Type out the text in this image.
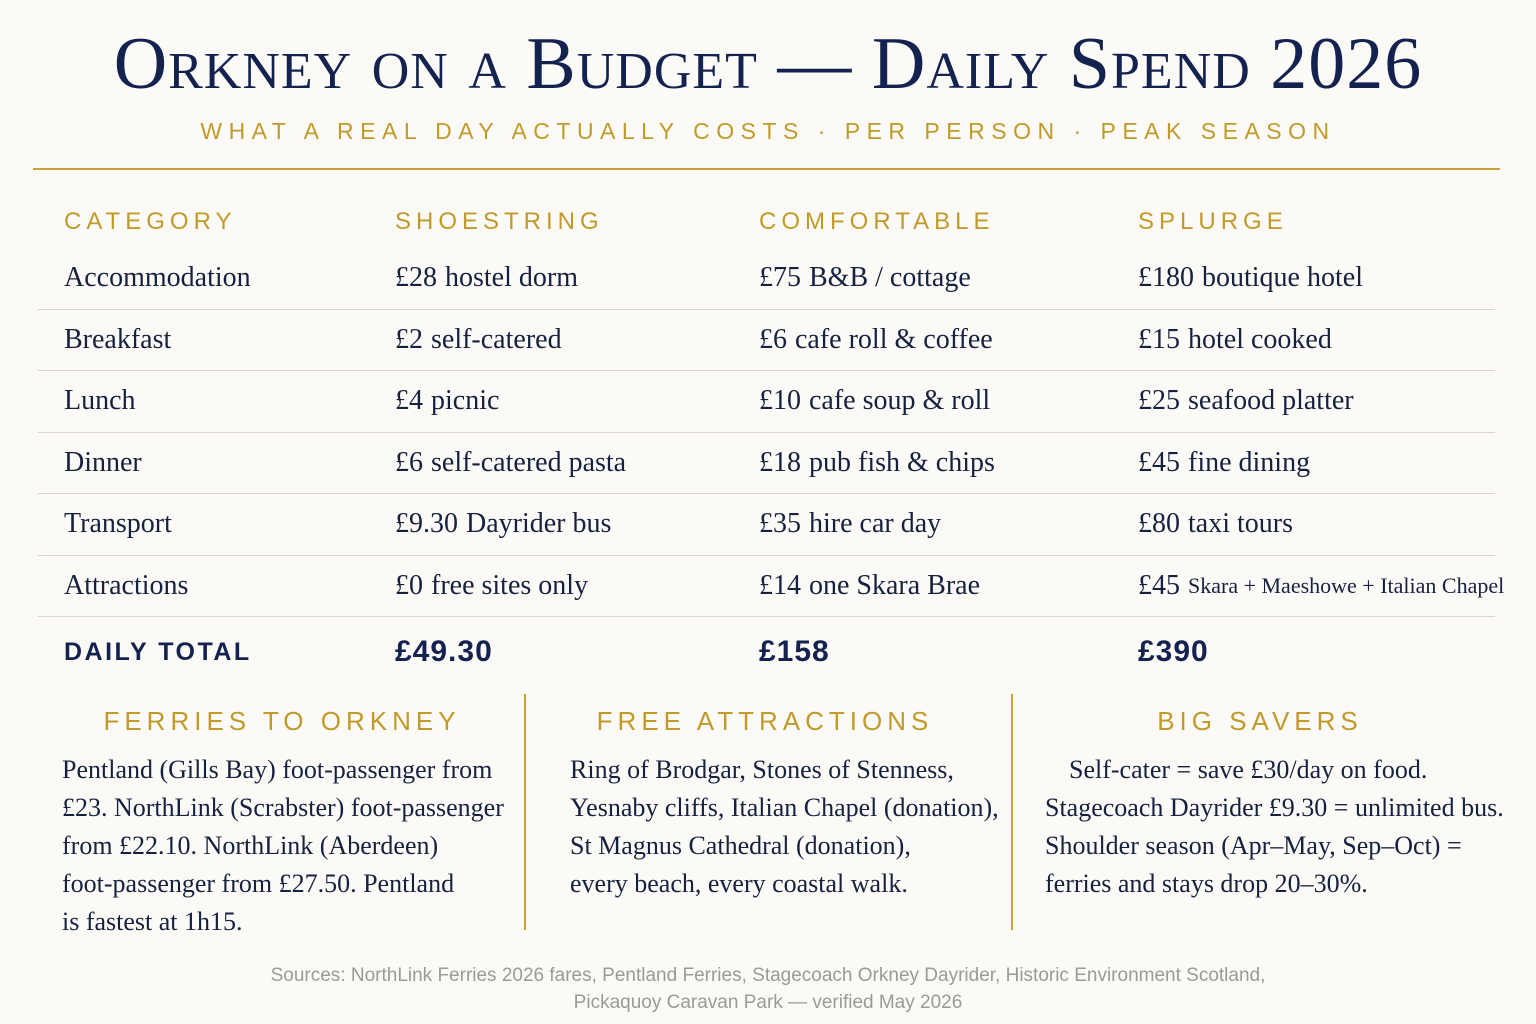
Orkney on a Budget — Daily Spend 2026
WHAT A REAL DAY ACTUALLY COSTS · PER PERSON · PEAK SEASON
CATEGORY	SHOESTRING	COMFORTABLE	SPLURGE
Accommodation	£28 hostel dorm	£75 B&B / cottage	£180 boutique hotel
Breakfast	£2 self-catered	£6 cafe roll & coffee	£15 hotel cooked
Lunch	£4 picnic	£10 cafe soup & roll	£25 seafood platter
Dinner	£6 self-catered pasta	£18 pub fish & chips	£45 fine dining
Transport	£9.30 Dayrider bus	£35 hire car day	£80 taxi tours
Attractions	£0 free sites only	£14 one Skara Brae	£45 Skara + Maeshowe + Italian Chapel
DAILY TOTAL	£49.30	£158	£390
FERRIES TO ORKNEY
Pentland (Gills Bay) foot-passenger from
£23. NorthLink (Scrabster) foot-passenger
from £22.10. NorthLink (Aberdeen)
foot-passenger from £27.50. Pentland
is fastest at 1h15.
FREE ATTRACTIONS
Ring of Brodgar, Stones of Stenness,
Yesnaby cliffs, Italian Chapel (donation),
St Magnus Cathedral (donation),
every beach, every coastal walk.
BIG SAVERS
Self-cater = save £30/day on food.
Stagecoach Dayrider £9.30 = unlimited bus.
Shoulder season (Apr–May, Sep–Oct) =
ferries and stays drop 20–30%.
Sources: NorthLink Ferries 2026 fares, Pentland Ferries, Stagecoach Orkney Dayrider, Historic Environment Scotland,
Pickaquoy Caravan Park — verified May 2026
